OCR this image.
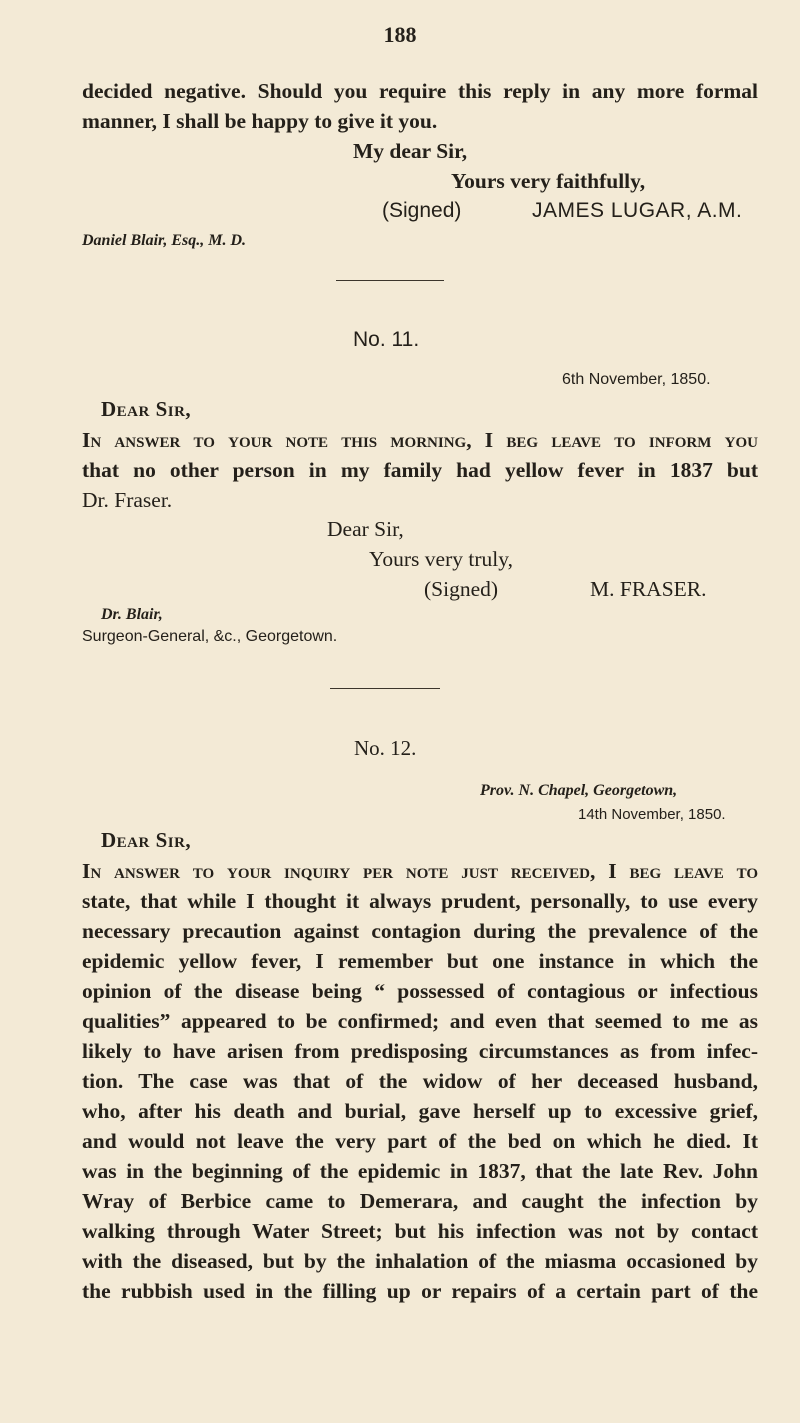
188
decided negative. Should you require this reply in any more formal
manner, I shall be happy to give it you.
My dear Sir,
Yours very faithfully,
(Signed)	JAMES LUGAR, A.M.
Daniel Blair, Esq., M. D.
No. 11.
6th November, 1850.
Dear Sir,
In answer to your note this morning, I beg leave to inform you
that no other person in my family had yellow fever in 1837 but
Dr. Fraser.
Dear Sir,
Yours very truly,
(Signed)	M. FRASER.
Dr. Blair,
Surgeon-General, &c., Georgetown.
No. 12.
Prov. N. Chapel, Georgetown,
14th November, 1850.
Dear Sir,
In answer to your inquiry per note just received, I beg leave to
state, that while I thought it always prudent, personally, to use every
necessary precaution against contagion during the prevalence of the
epidemic yellow fever, I remember but one instance in which the
opinion of the disease being “ possessed of contagious or infectious
qualities” appeared to be confirmed; and even that seemed to me as
likely to have arisen from predisposing circumstances as from infec-
tion. The case was that of the widow of her deceased husband,
who, after his death and burial, gave herself up to excessive grief,
and would not leave the very part of the bed on which he died. It
was in the beginning of the epidemic in 1837, that the late Rev. John
Wray of Berbice came to Demerara, and caught the infection by
walking through Water Street; but his infection was not by contact
with the diseased, but by the inhalation of the miasma occasioned by
the rubbish used in the filling up or repairs of a certain part of the
